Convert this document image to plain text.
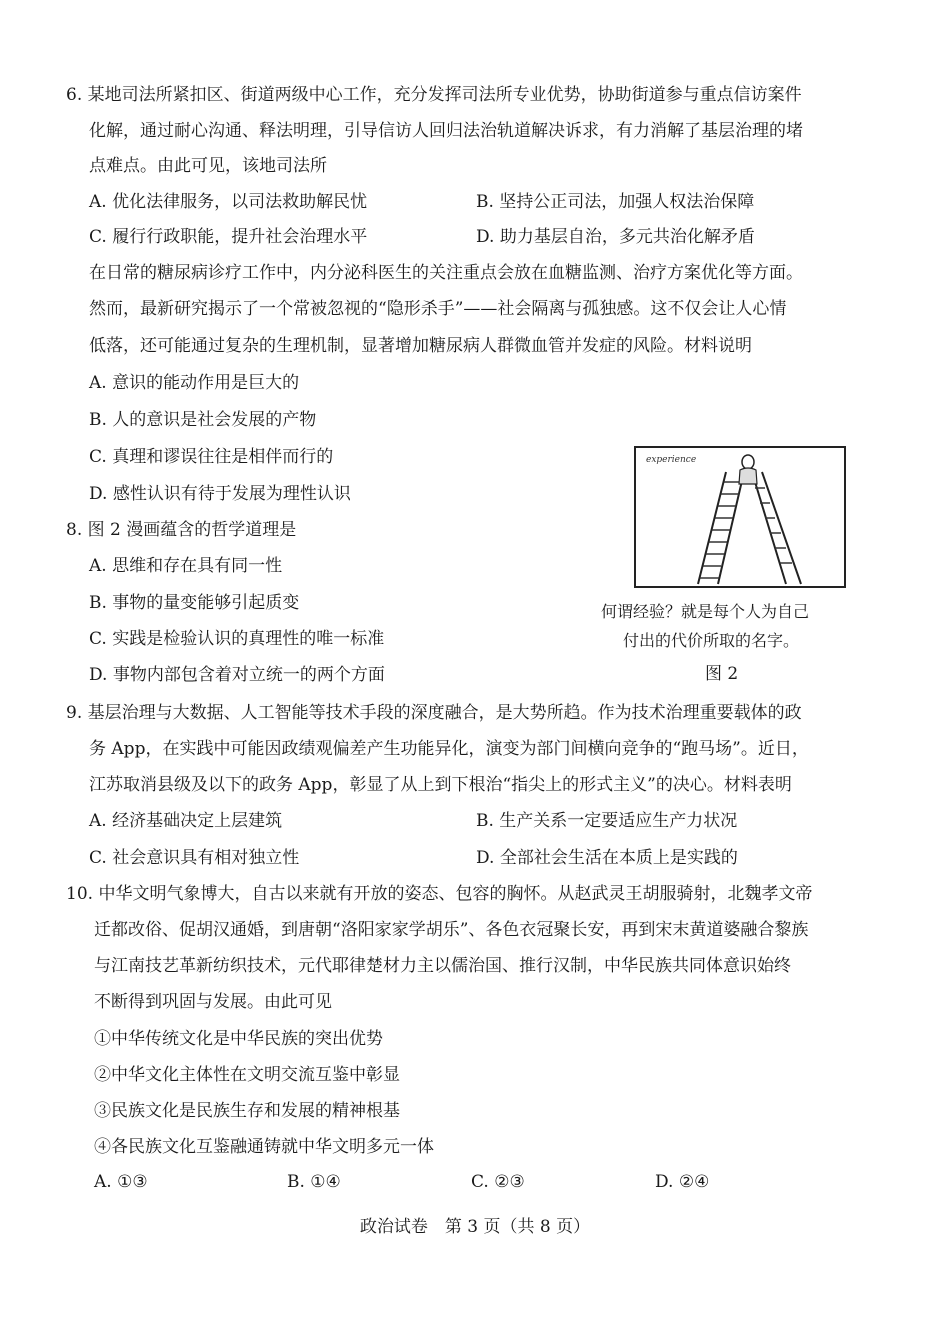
6. 某地司法所紧扣区、街道两级中心工作，充分发挥司法所专业优势，协助街道参与重点信访案件
化解，通过耐心沟通、释法明理，引导信访人回归法治轨道解决诉求，有力消解了基层治理的堵
点难点。由此可见，该地司法所
A. 优化法律服务，以司法救助解民忧	B. 坚持公正司法，加强人权法治保障
C. 履行行政职能，提升社会治理水平	D. 助力基层自治，多元共治化解矛盾
在日常的糖尿病诊疗工作中，内分泌科医生的关注重点会放在血糖监测、治疗方案优化等方面。
然而，最新研究揭示了一个常被忽视的“隐形杀手”——社会隔离与孤独感。这不仅会让人心情
低落，还可能通过复杂的生理机制，显著增加糖尿病人群微血管并发症的风险。材料说明
A. 意识的能动作用是巨大的
B. 人的意识是社会发展的产物
C. 真理和谬误往往是相伴而行的
D. 感性认识有待于发展为理性认识
8. 图 2 漫画蕴含的哲学道理是
A. 思维和存在具有同一性
B. 事物的量变能够引起质变
C. 实践是检验认识的真理性的唯一标准
D. 事物内部包含着对立统一的两个方面
experience
何谓经验？就是每个人为自己
付出的代价所取的名字。
图 2
9. 基层治理与大数据、人工智能等技术手段的深度融合，是大势所趋。作为技术治理重要载体的政
务 App，在实践中可能因政绩观偏差产生功能异化，演变为部门间横向竞争的“跑马场”。近日，
江苏取消县级及以下的政务 App，彰显了从上到下根治“指尖上的形式主义”的决心。材料表明
A. 经济基础决定上层建筑	B. 生产关系一定要适应生产力状况
C. 社会意识具有相对独立性	D. 全部社会生活在本质上是实践的
10. 中华文明气象博大，自古以来就有开放的姿态、包容的胸怀。从赵武灵王胡服骑射，北魏孝文帝
迁都改俗、促胡汉通婚，到唐朝“洛阳家家学胡乐”、各色衣冠聚长安，再到宋末黄道婆融合黎族
与江南技艺革新纺织技术，元代耶律楚材力主以儒治国、推行汉制，中华民族共同体意识始终
不断得到巩固与发展。由此可见
①中华传统文化是中华民族的突出优势
②中华文化主体性在文明交流互鉴中彰显
③民族文化是民族生存和发展的精神根基
④各民族文化互鉴融通铸就中华文明多元一体
A. ①③	B. ①④	C. ②③	D. ②④
政治试卷　第 3 页（共 8 页）
